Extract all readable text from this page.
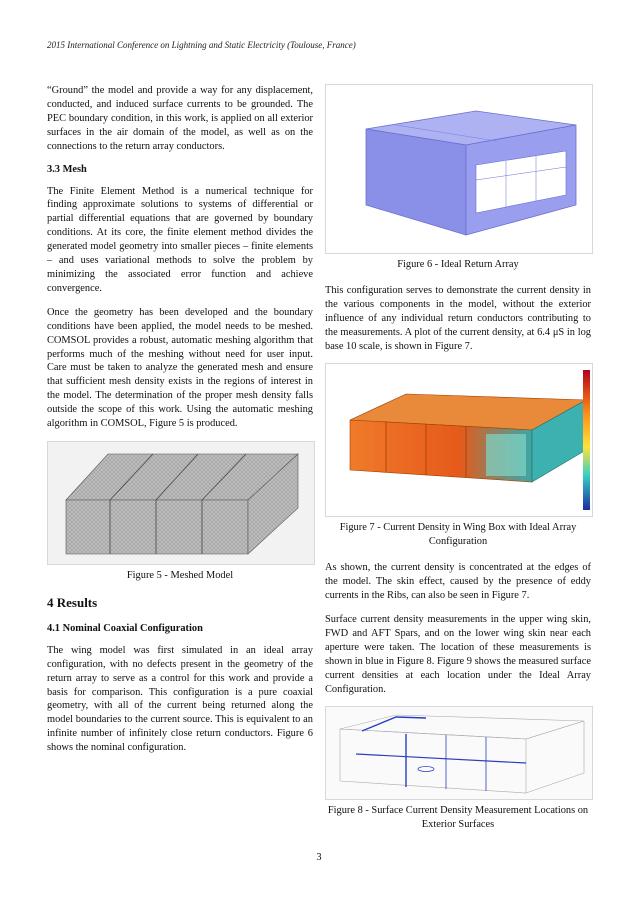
2015 International Conference on Lightning and Static Electricity (Toulouse, France)

“Ground” the model and provide a way for any displacement, conducted, and induced surface currents to be grounded. The PEC boundary condition, in this work, is applied on all exterior surfaces in the air domain of the model, as well as on the connections to the return array conductors.

3.3 Mesh

The Finite Element Method is a numerical technique for finding approximate solutions to systems of differential or partial differential equations that are governed by boundary conditions. At its core, the finite element method divides the generated model geometry into smaller pieces – finite elements – and uses variational methods to solve the problem by minimizing the associated error function and achieve convergence.

Once the geometry has been developed and the boundary conditions have been applied, the model needs to be meshed. COMSOL provides a robust, automatic meshing algorithm that performs much of the meshing without need for user input. Care must be taken to analyze the generated mesh and ensure that sufficient mesh density exists in the regions of interest in the model. The determination of the proper mesh density falls outside the scope of this work. Using the automatic meshing algorithm in COMSOL, Figure 5 is produced.

Figure 5 - Meshed Model
4 Results
4.1 Nominal Coaxial Configuration

The wing model was first simulated in an ideal array configuration, with no defects present in the geometry of the return array to serve as a control for this work and provide a basis for comparison. This configuration is a pure coaxial geometry, with all of the current being returned along the model boundaries to the current source. This is equivalent to an infinite number of infinitely close return conductors. Figure 6 shows the nominal configuration.

Figure 6 - Ideal Return Array

This configuration serves to demonstrate the current density in the various components in the model, without the exterior influence of any individual return conductors contributing to the measurements. A plot of the current density, at 6.4 μS in log base 10 scale, is shown in Figure 7.

Figure 7 - Current Density in Wing Box with Ideal Array Configuration

As shown, the current density is concentrated at the edges of the model. The skin effect, caused by the presence of eddy currents in the Ribs, can also be seen in Figure 7.

Surface current density measurements in the upper wing skin, FWD and AFT Spars, and on the lower wing skin near each aperture were taken. The location of these measurements is shown in blue in Figure 8. Figure 9 shows the measured surface current densities at each location under the Ideal Array Configuration.

Figure 8 - Surface Current Density Measurement Locations on Exterior Surfaces
3
